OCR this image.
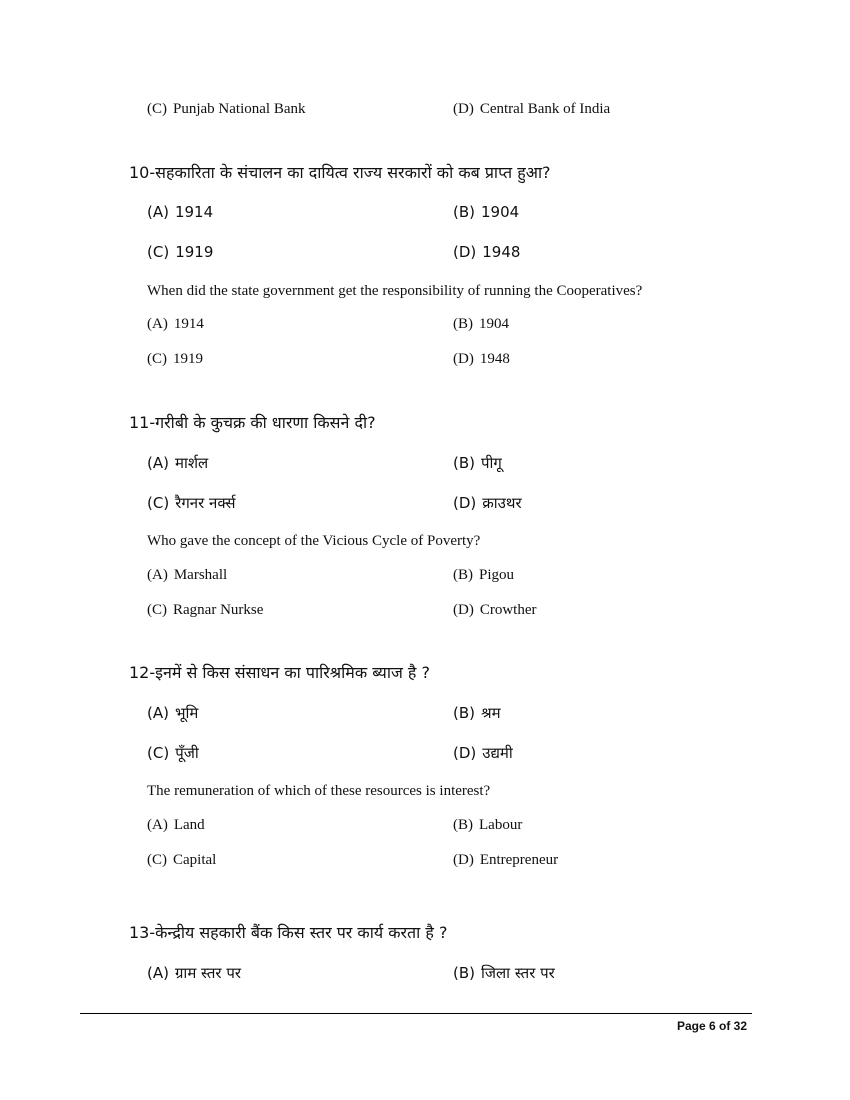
(C) Punjab National Bank	(D) Central Bank of India
10-सहकारिता के संचालन का दायित्व राज्य सरकारों को कब प्राप्त हुआ?
(A) 1914	(B) 1904
(C) 1919	(D) 1948
When did the state government get the responsibility of running the Cooperatives?
(A) 1914	(B) 1904
(C) 1919	(D) 1948
11-गरीबी के कुचक्र की धारणा किसने दी?
(A) मार्शल	(B) पीगू
(C) रैगनर नर्क्स	(D) क्राउथर
Who gave the concept of the Vicious Cycle of Poverty?
(A) Marshall	(B) Pigou
(C) Ragnar Nurkse	(D) Crowther
12-इनमें से किस संसाधन का पारिश्रमिक ब्याज है ?
(A) भूमि	(B) श्रम
(C) पूँजी	(D) उद्यमी
The remuneration of which of these resources is interest?
(A) Land	(B) Labour
(C) Capital	(D) Entrepreneur
13-केन्द्रीय सहकारी बैंक किस स्तर पर कार्य करता है ?
(A) ग्राम स्तर पर	(B) जिला स्तर पर
Page 6 of 32
